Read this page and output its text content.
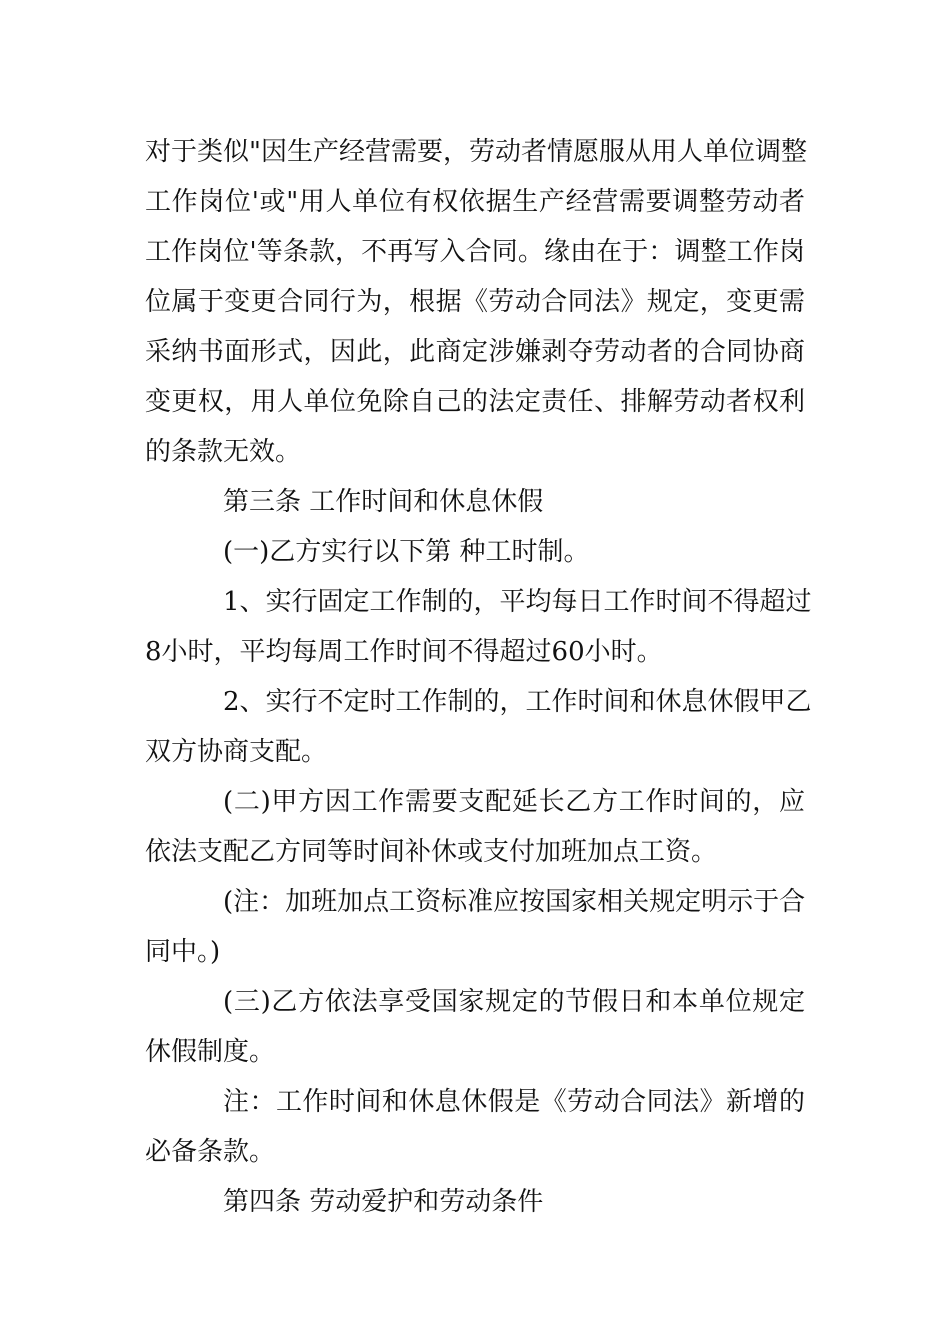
对于类似"因生产经营需要，劳动者情愿服从用人单位调整
工作岗位'或"用人单位有权依据生产经营需要调整劳动者
工作岗位'等条款，不再写入合同。缘由在于：调整工作岗
位属于变更合同行为，根据《劳动合同法》规定，变更需
采纳书面形式，因此，此商定涉嫌剥夺劳动者的合同协商
变更权，用人单位免除自己的法定责任、排解劳动者权利
的条款无效。
第三条 工作时间和休息休假
(一)乙方实行以下第 种工时制。
1、实行固定工作制的，平均每日工作时间不得超过
8小时，平均每周工作时间不得超过60小时。
2、实行不定时工作制的，工作时间和休息休假甲乙
双方协商支配。
(二)甲方因工作需要支配延长乙方工作时间的，应
依法支配乙方同等时间补休或支付加班加点工资。
(注：加班加点工资标准应按国家相关规定明示于合
同中。)
(三)乙方依法享受国家规定的节假日和本单位规定
休假制度。
注：工作时间和休息休假是《劳动合同法》新增的
必备条款。
第四条 劳动爱护和劳动条件
